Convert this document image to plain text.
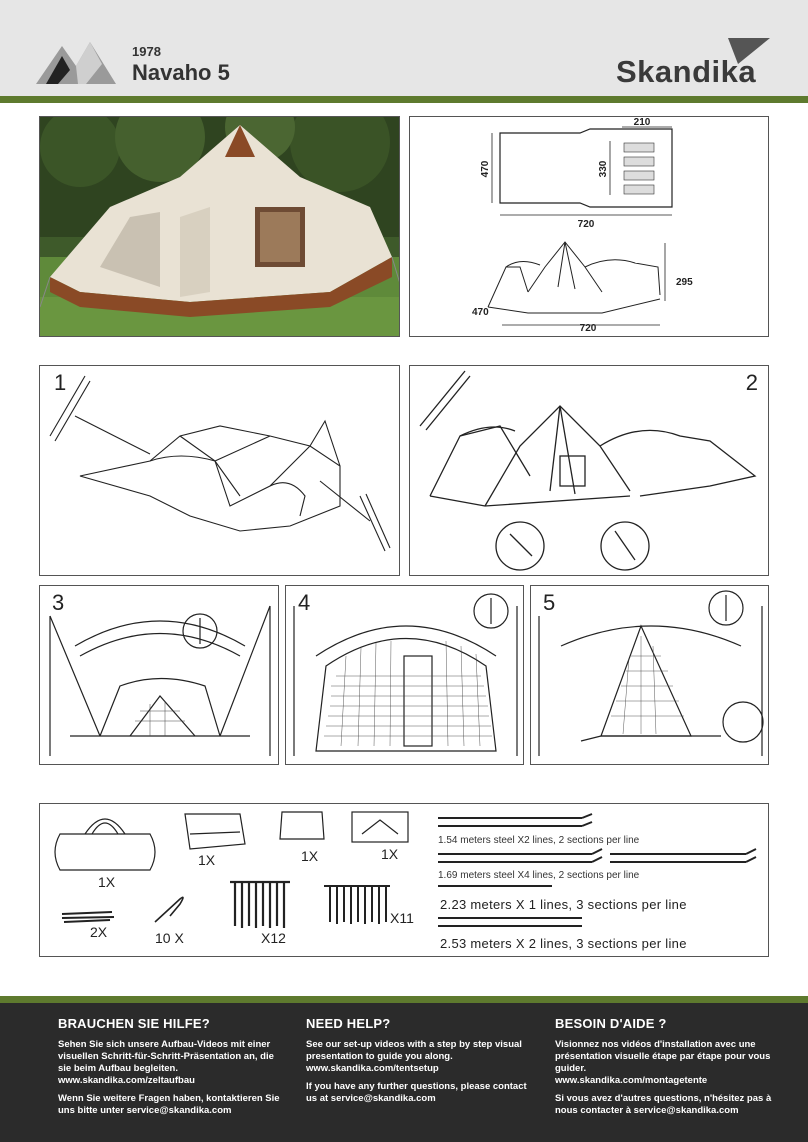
1978
Navaho 5	Skandika
210
720
470	330
295
470
720
1	2
3	4	5
1X
1X	1X	1X
2X	10 X	X12
X11
1.54 meters steel X2 lines, 2 sections per line
1.69 meters steel X4 lines, 2 sections per line
2.23 meters X 1 lines, 3 sections per line
2.53 meters X 2 lines, 3 sections per line
BRAUCHEN SIE HILFE?

Sehen Sie sich unsere Aufbau-Videos mit einer visuellen Schritt-für-Schritt-Präsentation an, die sie beim Aufbau begleiten.

www.skandika.com/zeltaufbau

Wenn Sie weitere Fragen haben, kontaktieren Sie uns bitte unter service@skandika.com

NEED HELP?

See our set-up videos with a step by step visual presentation to guide you along.

www.skandika.com/tentsetup

If you have any further questions, please contact us at service@skandika.com

BESOIN D'AIDE ?

Visionnez nos vidéos d'installation avec une présentation visuelle étape par étape pour vous guider.

www.skandika.com/montagetente

Si vous avez d'autres questions, n'hésitez pas à nous contacter à service@skandika.com
